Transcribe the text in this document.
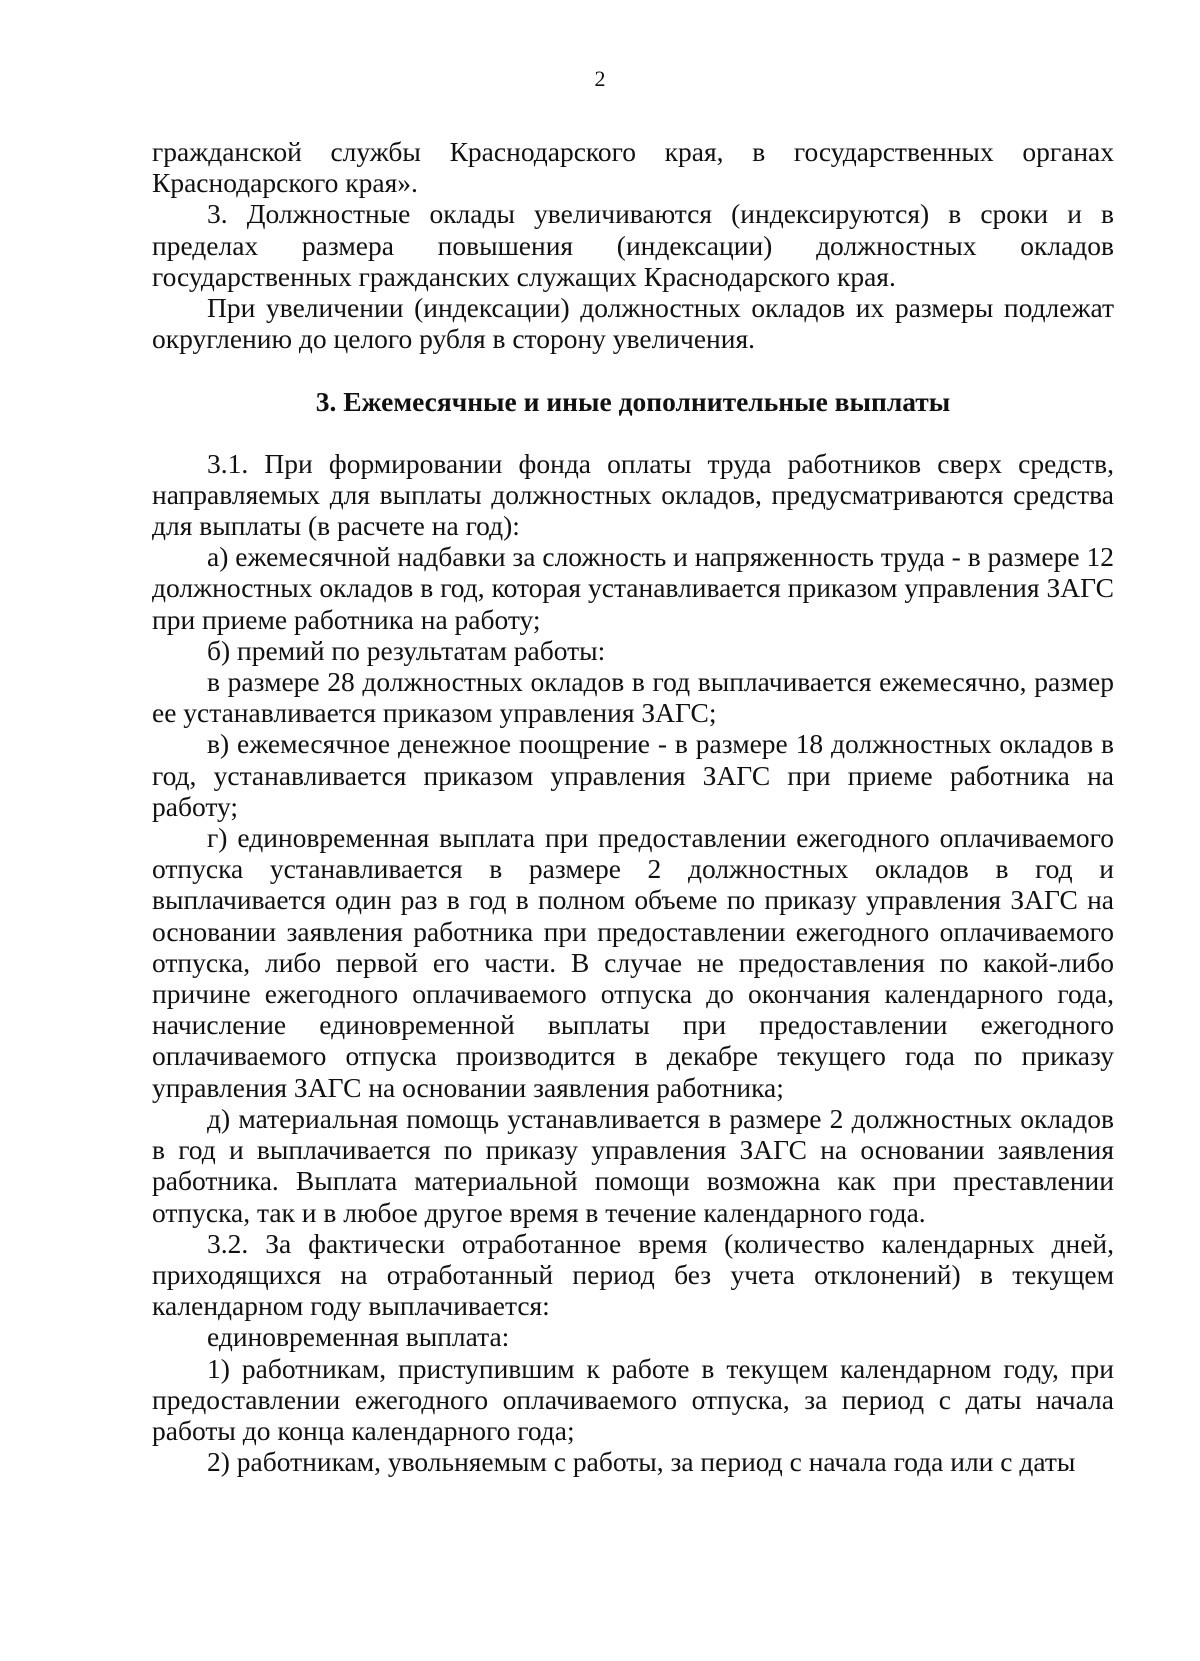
2

гражданской службы Краснодарского края, в государственных органах Краснодарского края».

3. Должностные оклады увеличиваются (индексируются) в сроки и в пределах размера повышения (индексации) должностных окладов государственных гражданских служащих Краснодарского края.

При увеличении (индексации) должностных окладов их размеры подлежат округлению до целого рубля в сторону увеличения.

3. Ежемесячные и иные дополнительные выплаты

3.1. При формировании фонда оплаты труда работников сверх средств, направляемых для выплаты должностных окладов, предусматриваются средства для выплаты (в расчете на год):

а) ежемесячной надбавки за сложность и напряженность труда - в размере 12 должностных окладов в год, которая устанавливается приказом управления ЗАГС при приеме работника на работу;

б) премий по результатам работы:

в размере 28 должностных окладов в год выплачивается ежемесячно, размер ее устанавливается приказом управления ЗАГС;

в) ежемесячное денежное поощрение - в размере 18 должностных окладов в год, устанавливается приказом управления ЗАГС при приеме работника на работу;

г) единовременная выплата при предоставлении ежегодного оплачиваемого отпуска устанавливается в размере 2 должностных окладов в год и выплачивается один раз в год в полном объеме по приказу управления ЗАГС на основании заявления работника при предоставлении ежегодного оплачиваемого отпуска, либо первой его части. В случае не предоставления по какой-либо причине ежегодного оплачиваемого отпуска до окончания календарного года, начисление единовременной выплаты при предоставлении ежегодного оплачиваемого отпуска производится в декабре текущего года по приказу управления ЗАГС на основании заявления работника;

д) материальная помощь устанавливается в размере 2 должностных окладов в год и выплачивается по приказу управления ЗАГС на основании заявления работника. Выплата материальной помощи возможна как при преставлении отпуска, так и в любое другое время в течение календарного года.

3.2. За фактически отработанное время (количество календарных дней, приходящихся на отработанный период без учета отклонений) в текущем календарном году выплачивается:

единовременная выплата:

1) работникам, приступившим к работе в текущем календарном году, при предоставлении ежегодного оплачиваемого отпуска, за период с даты начала работы до конца календарного года;

2) работникам, увольняемым с работы, за период с начала года или с даты
